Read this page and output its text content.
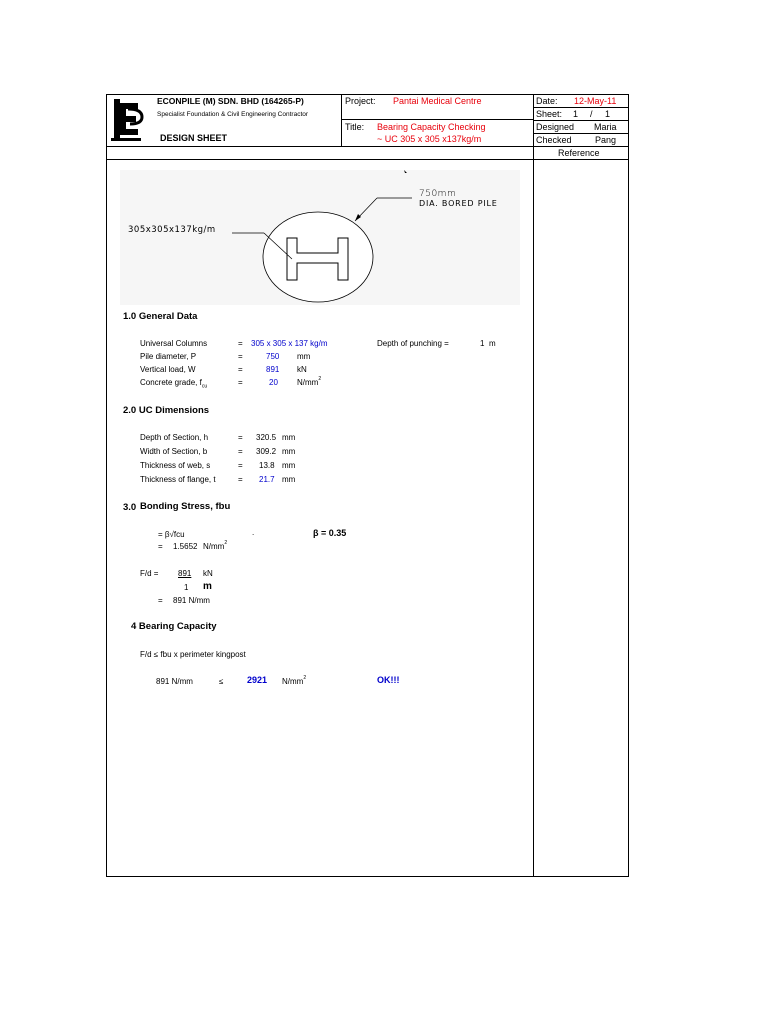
ECONPILE (M) SDN. BHD (164265-P)
Specialist Foundation & Civil Engineering Contractor
DESIGN SHEET
Project: Pantai Medical Centre
Title: Bearing Capacity Checking
~ UC 305 x 305 x137kg/m
Date: 12-May-11
Sheet: 1 / 1
Designed Maria
Checked	Pang
Reference
750mm
DIA. BORED PILE
305x305x137kg/m
1.0 General Data
Universal Columns	= 305 x 305 x 137 kg/m
Pile diameter, P	=	750 mm
Vertical load, W	=	891 kN
Concrete grade, $f_{cu}$	=	20 $N/mm^2$
Depth of punching =	1 m
2.0 UC Dimensions
Depth of Section, h	= 320.5 mm
Width of Section, b	= 309.2 mm
Thickness of web, s	= 13.8 mm
Thickness of flange, t	= 21.7 mm
3.0 Bonding Stress, fbu
= β√fcu	.	β = 0.35
= 1.5652 $N/mm^2$
F/d = 891 kN
1 m
= 891 N/mm
4 Bearing Capacity
F/d ≤ fbu x perimeter kingpost
891 N/mm	≤	2921 $N/mm^2$	OK!!!
